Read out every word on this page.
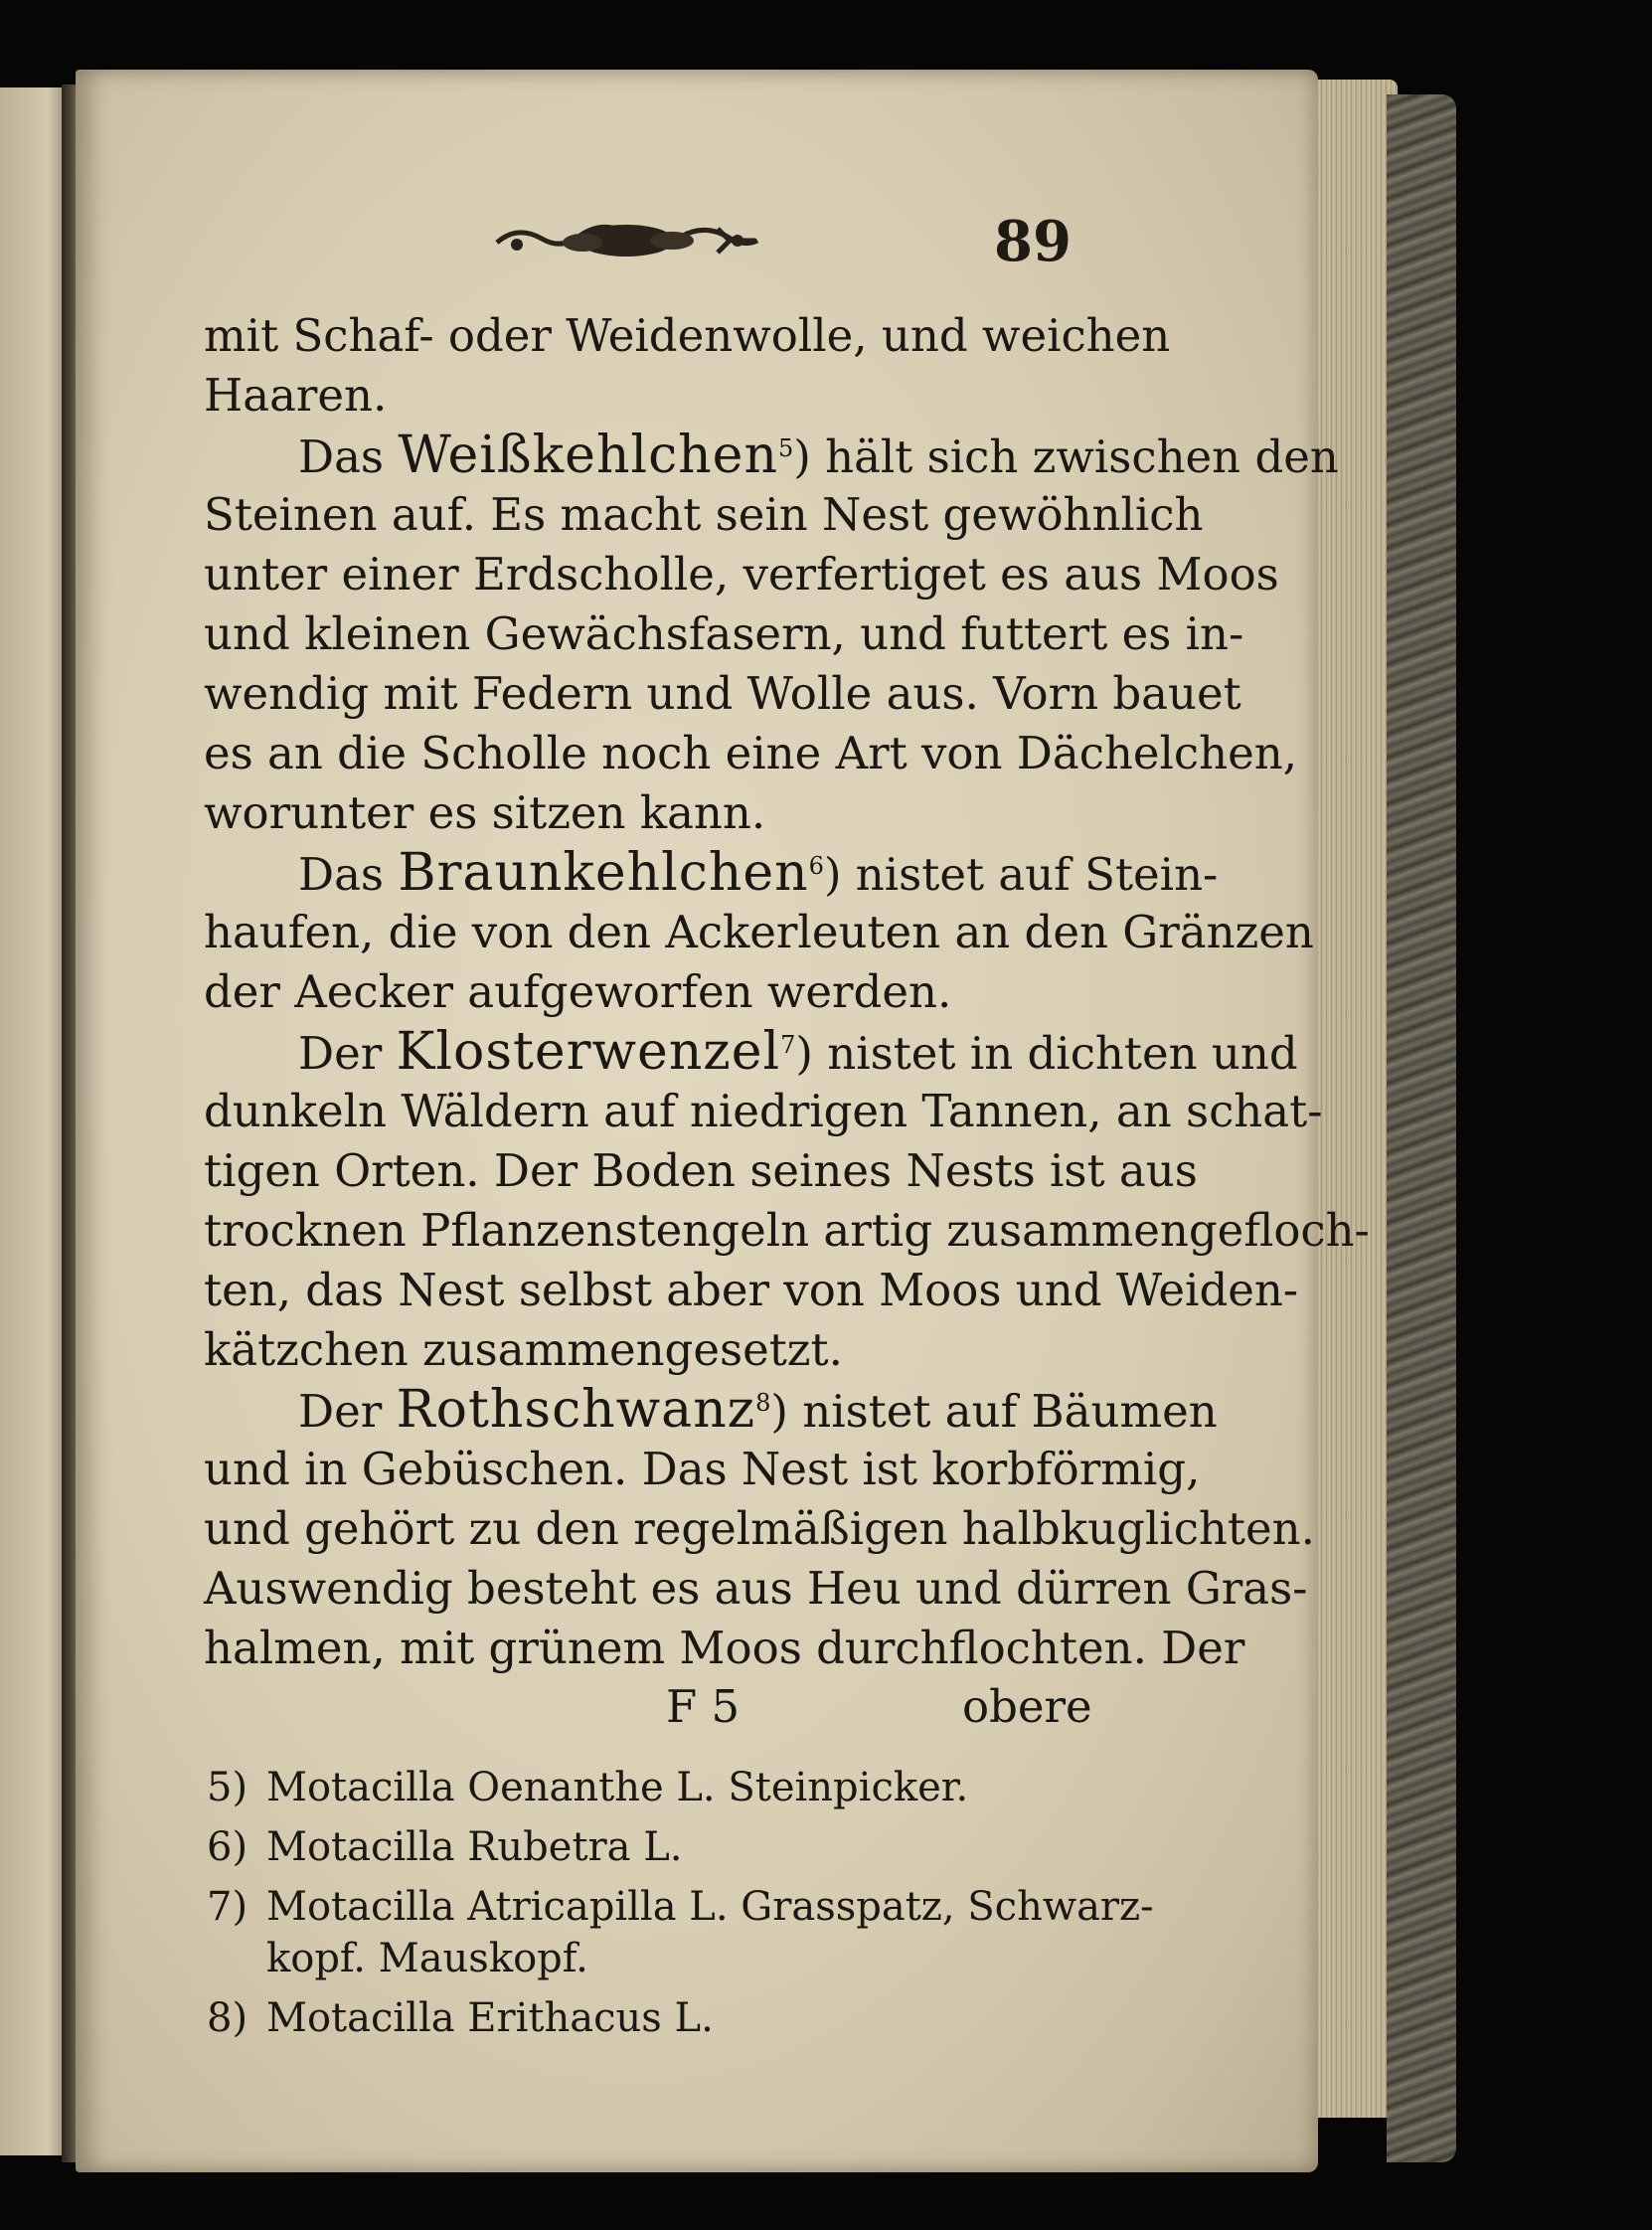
89
mit Schaf- oder Weidenwolle, und weichen
Haaren.
Das Weißkehlchen$^5$) hält sich zwischen den
Steinen auf. Es macht sein Nest gewöhnlich
unter einer Erdscholle, verfertiget es aus Moos
und kleinen Gewächsfasern, und futtert es in-
wendig mit Federn und Wolle aus. Vorn bauet
es an die Scholle noch eine Art von Dächelchen,
worunter es sitzen kann.
Das Braunkehlchen$^6$) nistet auf Stein-
haufen, die von den Ackerleuten an den Gränzen
der Aecker aufgeworfen werden.
Der Klosterwenzel$^7$) nistet in dichten und
dunkeln Wäldern auf niedrigen Tannen, an schat-
tigen Orten. Der Boden seines Nests ist aus
trocknen Pflanzenstengeln artig zusammengefloch-
ten, das Nest selbst aber von Moos und Weiden-
kätzchen zusammengesetzt.
Der Rothschwanz$^8$) nistet auf Bäumen
und in Gebüschen. Das Nest ist korbförmig,
und gehört zu den regelmäßigen halbkuglichten.
Auswendig besteht es aus Heu und dürren Gras-
halmen, mit grünem Moos durchflochten. Der
F 5	obere
5) Motacilla Oenanthe L. Steinpicker.
6) Motacilla Rubetra L.
7) Motacilla Atricapilla L. Grasspatz, Schwarz-
kopf. Mauskopf.
8) Motacilla Erithacus L.
